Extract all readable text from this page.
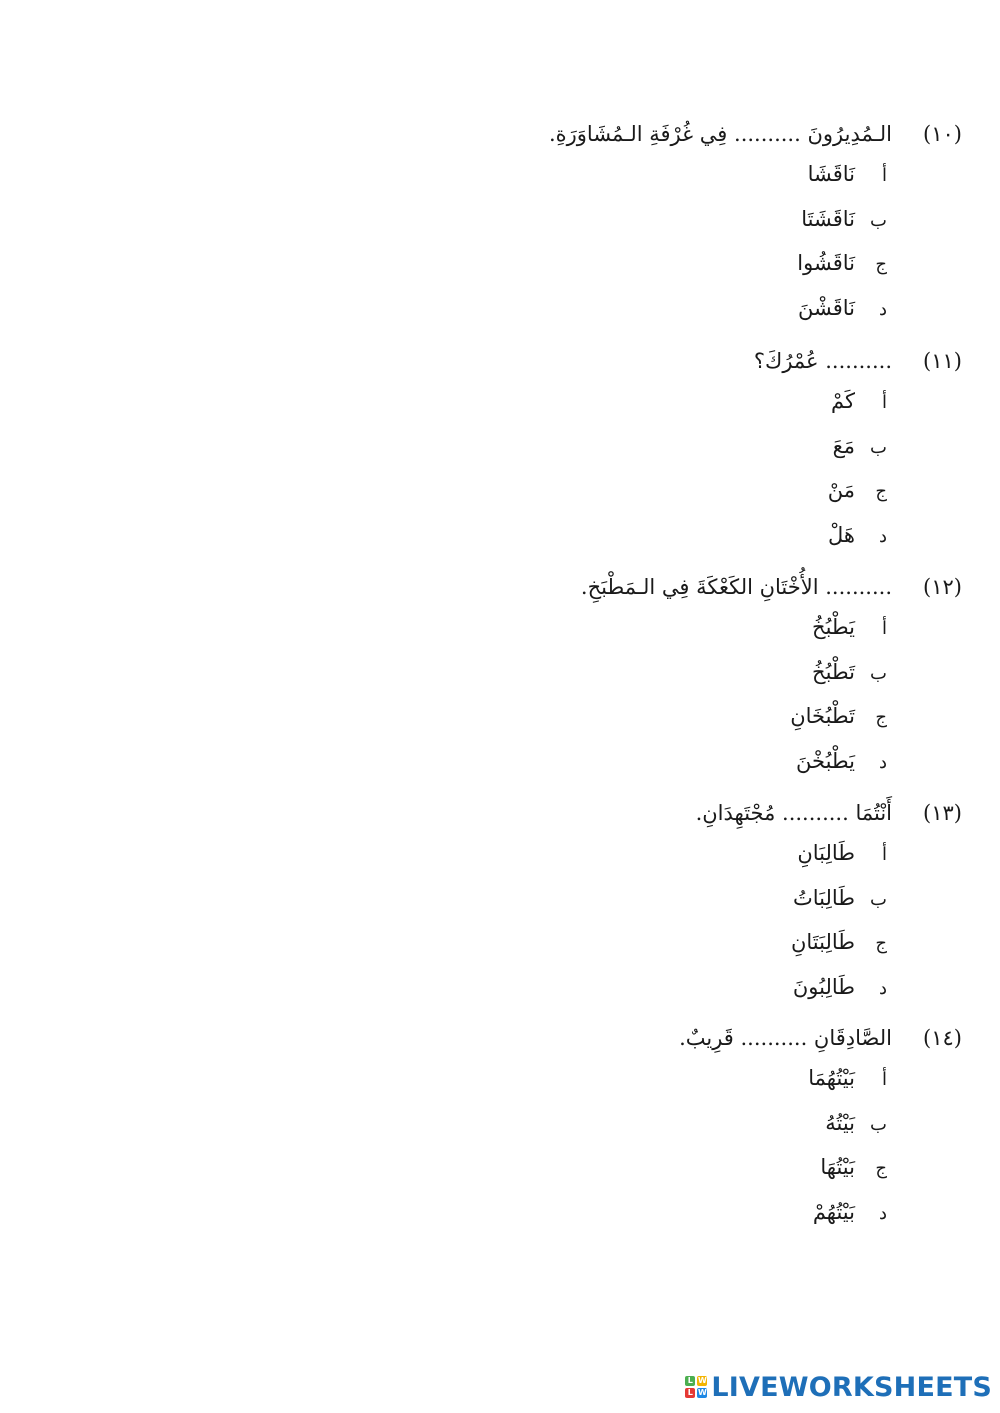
(١٠)
الـمُدِيرُونَ .......... فِي غُرْفَةِ الـمُشَاوَرَةِ.
أ
نَاقَشَا
ب
نَاقَشَتَا
ج
نَاقَشُوا
د
نَاقَشْنَ
(١١)
.......... عُمْرُكَ؟
أ
كَمْ
ب
مَعَ
ج
مَنْ
د
هَلْ
(١٢)
.......... الأُخْتَانِ الكَعْكَةَ فِي الـمَطْبَخِ.
أ
يَطْبُخُ
ب
تَطْبُخُ
ج
تَطْبُخَانِ
د
يَطْبُخْنَ
(١٣)
أَنْتُمَا .......... مُجْتَهِدَانِ.
أ
طَالِبَانِ
ب
طَالِبَاتُ
ج
طَالِبَتَانِ
د
طَالِبُونَ
(١٤)
الصَّادِقَانِ .......... قَرِيبٌ.
أ
بَيْتُهُمَا
ب
بَيْتُهُ
ج
بَيْتُهَا
د
بَيْتُهُمْ
L W
L W LIVEWORKSHEETS
